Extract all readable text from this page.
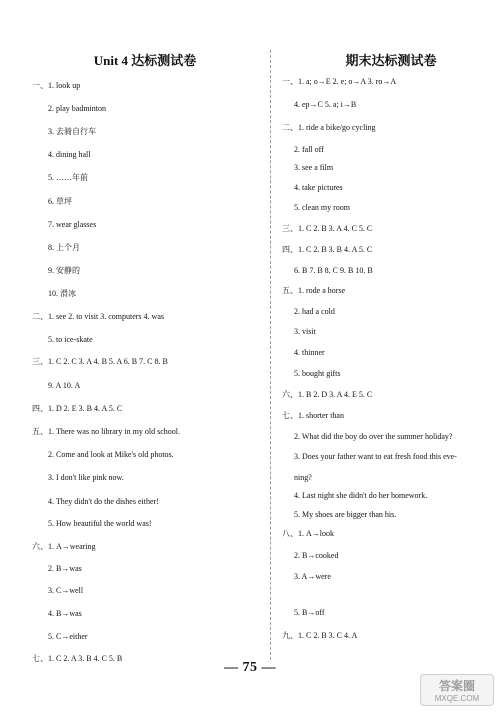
Unit 4 达标测试卷
一、1. look up
2. play badminton
3. 去骑自行车
4. dining hall
5. ……年前
6. 草坪
7. wear glasses
8. 上个月
9. 安静的
10. 滑冰
二、1. see 2. to visit 3. computers 4. was
5. to ice-skate
三、1. C 2. C 3. A 4. B 5. A 6. B 7. C 8. B
9. A 10. A
四、1. D 2. E 3. B 4. A 5. C
五、1. There was no library in my old school.
2. Come and look at Mike's old photos.
3. I don't like pink now.
4. They didn't do the dishes either!
5. How beautiful the world was!
六、1. A→wearing
2. B→was
3. C→well
4. B→was
5. C→either
七、1. C 2. A 3. B 4. C 5. B
期末达标测试卷
一、1. a; o→E 2. e; o→A 3. ro→A
4. ep→C 5. a; i→B
二、1. ride a bike/go cycling
2. fall off
3. see a film
4. take pictures
5. clean my room
三、1. C 2. B 3. A 4. C 5. C
四、1. C 2. B 3. B 4. A 5. C
6. B 7. B 8. C 9. B 10. B
五、1. rode a horse
2. had a cold
3. visit
4. thinner
5. bought gifts
六、1. B 2. D 3. A 4. E 5. C
七、1. shorter than
2. What did the boy do over the summer holiday?
3. Does your father want to eat fresh food this eve-
ning?
4. Last night she didn't do her homework.
5. My shoes are bigger than his.
八、1. A→look
2. B→cooked
3. A→were
5. B→off
九、1. C 2. B 3. C 4. A
— 75 —
答案圈
MXQE.COM
